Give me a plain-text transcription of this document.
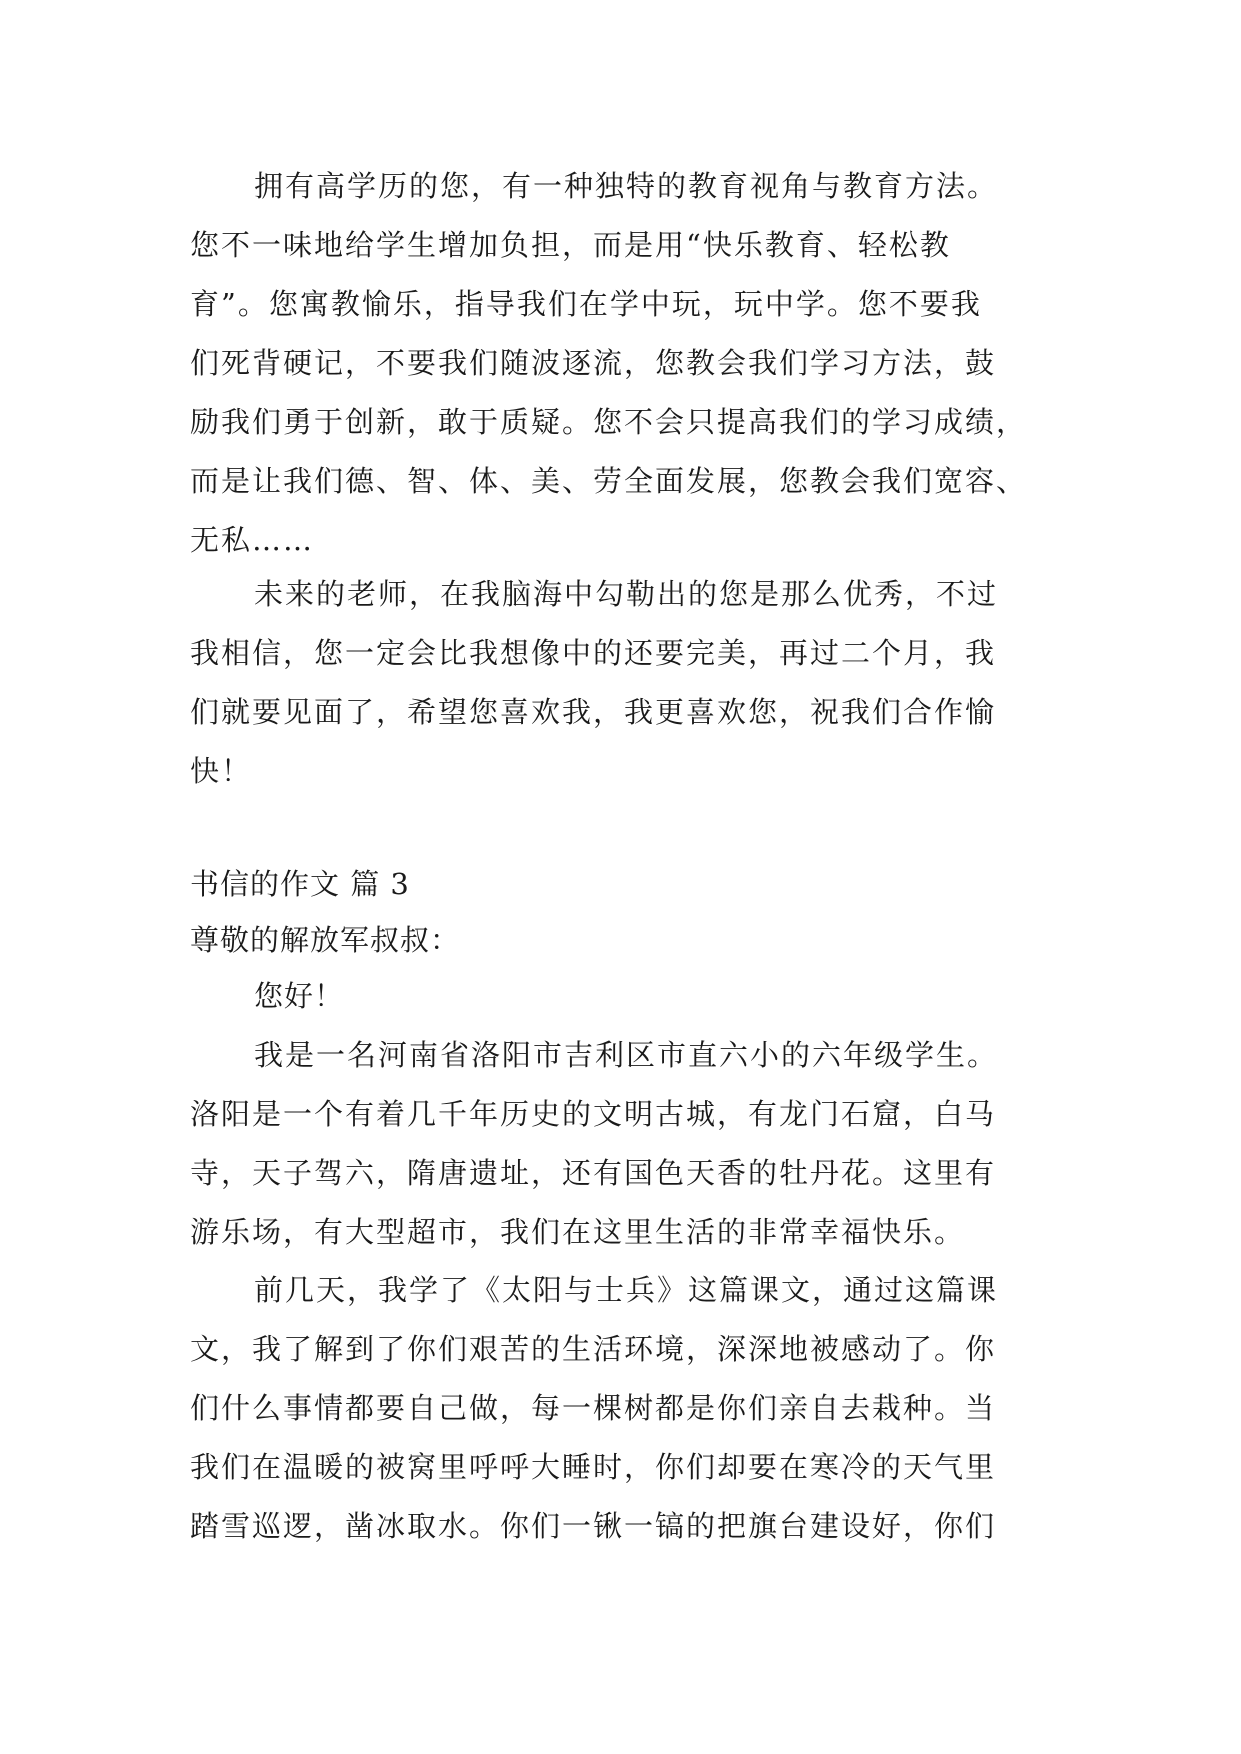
拥有高学历的您，有一种独特的教育视角与教育方法。
您不一味地给学生增加负担，而是用“快乐教育、轻松教
育”。您寓教愉乐，指导我们在学中玩，玩中学。您不要我
们死背硬记，不要我们随波逐流，您教会我们学习方法，鼓
励我们勇于创新，敢于质疑。您不会只提高我们的学习成绩，
而是让我们德、智、体、美、劳全面发展，您教会我们宽容、
无私……
未来的老师，在我脑海中勾勒出的您是那么优秀，不过
我相信，您一定会比我想像中的还要完美，再过二个月，我
们就要见面了，希望您喜欢我，我更喜欢您，祝我们合作愉
快！
书信的作文 篇 3
尊敬的解放军叔叔：
您好！
我是一名河南省洛阳市吉利区市直六小的六年级学生。
洛阳是一个有着几千年历史的文明古城，有龙门石窟，白马
寺，天子驾六，隋唐遗址，还有国色天香的牡丹花。这里有
游乐场，有大型超市，我们在这里生活的非常幸福快乐。
前几天，我学了《太阳与士兵》这篇课文，通过这篇课
文，我了解到了你们艰苦的生活环境，深深地被感动了。你
们什么事情都要自己做，每一棵树都是你们亲自去栽种。当
我们在温暖的被窝里呼呼大睡时，你们却要在寒冷的天气里
踏雪巡逻，凿冰取水。你们一锹一镐的把旗台建设好，你们
